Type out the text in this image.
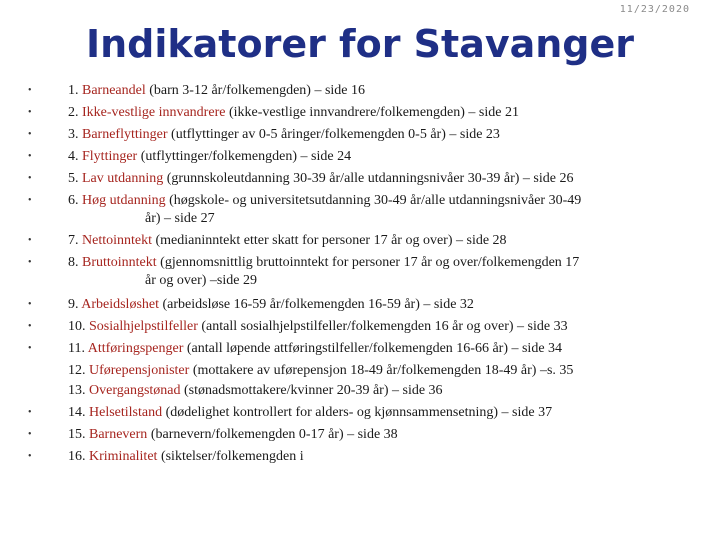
11/23/2020
Indikatorer for Stavanger
•	1. Barneandel (barn 3-12 år/folkemengden) – side 16
•	2. Ikke-vestlige innvandrere (ikke-vestlige innvandrere/folkemengden) – side 21
•	3. Barneflyttinger (utflyttinger av 0-5 åringer/folkemengden 0-5 år) – side 23
•	4. Flyttinger (utflyttinger/folkemengden) – side 24
•	5. Lav utdanning (grunnskoleutdanning 30-39 år/alle utdanningsnivåer 30-39 år) – side 26
•	6. Høg utdanning (høgskole- og universitetsutdanning 30-49 år/alle utdanningsnivåer 30-49
år) – side 27
•	7. Nettoinntekt (medianinntekt etter skatt for personer 17 år og over) – side 28
•	8. Bruttoinntekt (gjennomsnittlig bruttoinntekt for personer 17 år og over/folkemengden 17
år og over) –side 29
•	9. Arbeidsløshet (arbeidsløse 16-59 år/folkemengden 16-59 år) – side 32
•	10. Sosialhjelpstilfeller (antall sosialhjelpstilfeller/folkemengden 16 år og over) – side 33
•	11. Attføringspenger (antall løpende attføringstilfeller/folkemengden 16-66 år) – side 34
12. Uførepensjonister (mottakere av uførepensjon 18-49 år/folkemengden 18-49 år) –s. 35
13. Overgangstønad (stønadsmottakere/kvinner 20-39 år) – side 36
•	14. Helsetilstand (dødelighet kontrollert for alders- og kjønnsammensetning) – side 37
•	15. Barnevern (barnevern/folkemengden 0-17 år) – side 38
•	16. Kriminalitet (siktelser/folkemengden i
